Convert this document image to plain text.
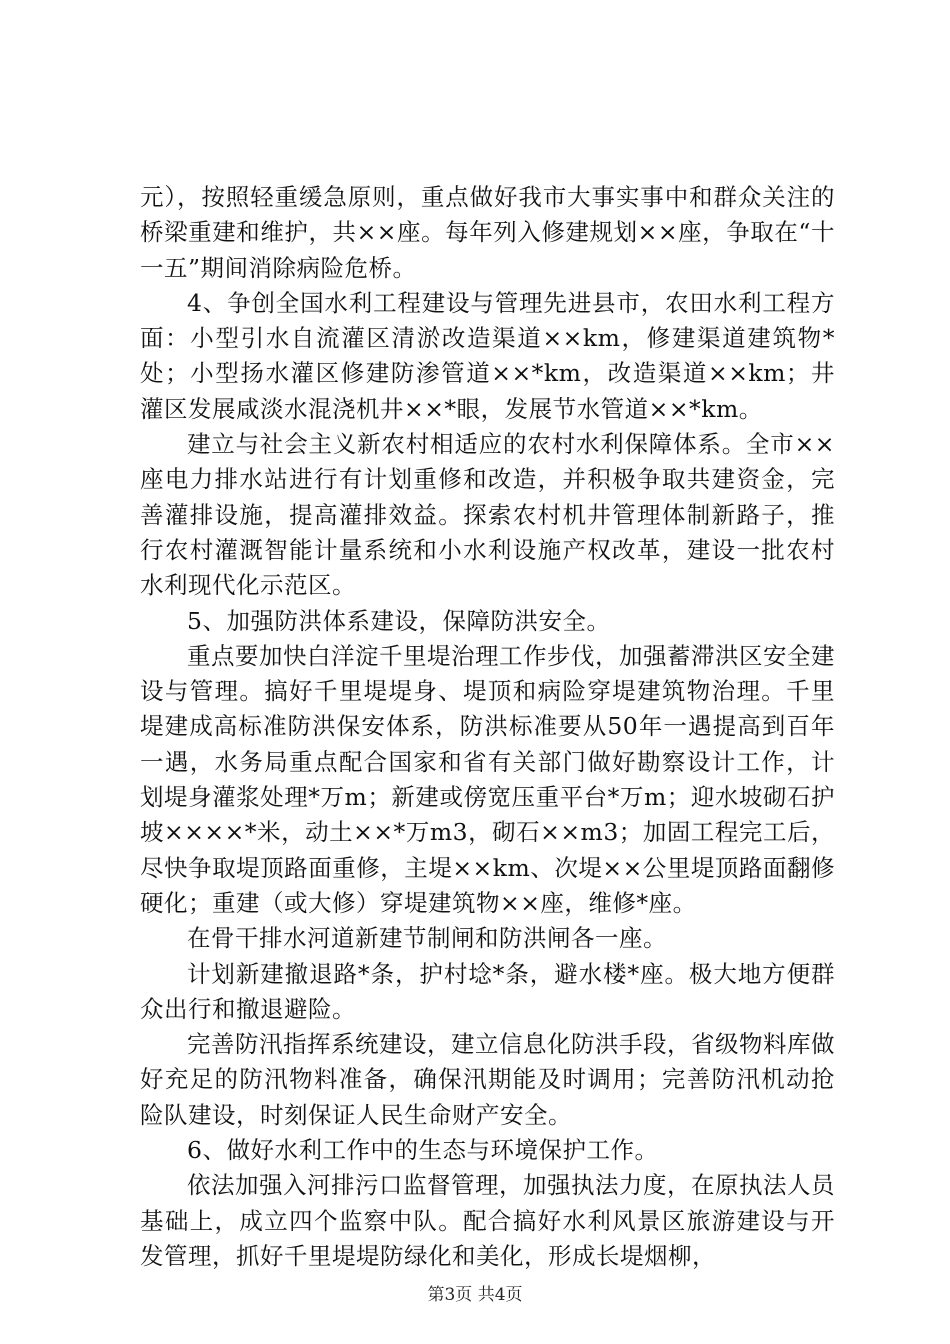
元），按照轻重缓急原则，重点做好我市大事实事中和群众关注的桥梁重建和维护，共××座。每年列入修建规划××座，争取在“十一五”期间消除病险危桥。

4、争创全国水利工程建设与管理先进县市，农田水利工程方面：小型引水自流灌区清淤改造渠道××km，修建渠道建筑物*处；小型扬水灌区修建防渗管道××*km，改造渠道××km；井灌区发展咸淡水混浇机井××*眼，发展节水管道××*km。

建立与社会主义新农村相适应的农村水利保障体系。全市××座电力排水站进行有计划重修和改造，并积极争取共建资金，完善灌排设施，提高灌排效益。探索农村机井管理体制新路子，推行农村灌溉智能计量系统和小水利设施产权改革，建设一批农村水利现代化示范区。

5、加强防洪体系建设，保障防洪安全。

重点要加快白洋淀千里堤治理工作步伐，加强蓄滞洪区安全建设与管理。搞好千里堤堤身、堤顶和病险穿堤建筑物治理。千里堤建成高标准防洪保安体系，防洪标准要从50年一遇提高到百年一遇，水务局重点配合国家和省有关部门做好勘察设计工作，计划堤身灌浆处理*万m；新建或傍宽压重平台*万m；迎水坡砌石护坡××××*米，动土××*万m3，砌石××m3；加固工程完工后，尽快争取堤顶路面重修，主堤××km、次堤××公里堤顶路面翻修硬化；重建（或大修）穿堤建筑物××座，维修*座。

在骨干排水河道新建节制闸和防洪闸各一座。

计划新建撤退路*条，护村埝*条，避水楼*座。极大地方便群众出行和撤退避险。

完善防汛指挥系统建设，建立信息化防洪手段，省级物料库做好充足的防汛物料准备，确保汛期能及时调用；完善防汛机动抢险队建设，时刻保证人民生命财产安全。

6、做好水利工作中的生态与环境保护工作。

依法加强入河排污口监督管理，加强执法力度，在原执法人员基础上，成立四个监察中队。配合搞好水利风景区旅游建设与开发管理，抓好千里堤堤防绿化和美化，形成长堤烟柳，

第3页 共4页
